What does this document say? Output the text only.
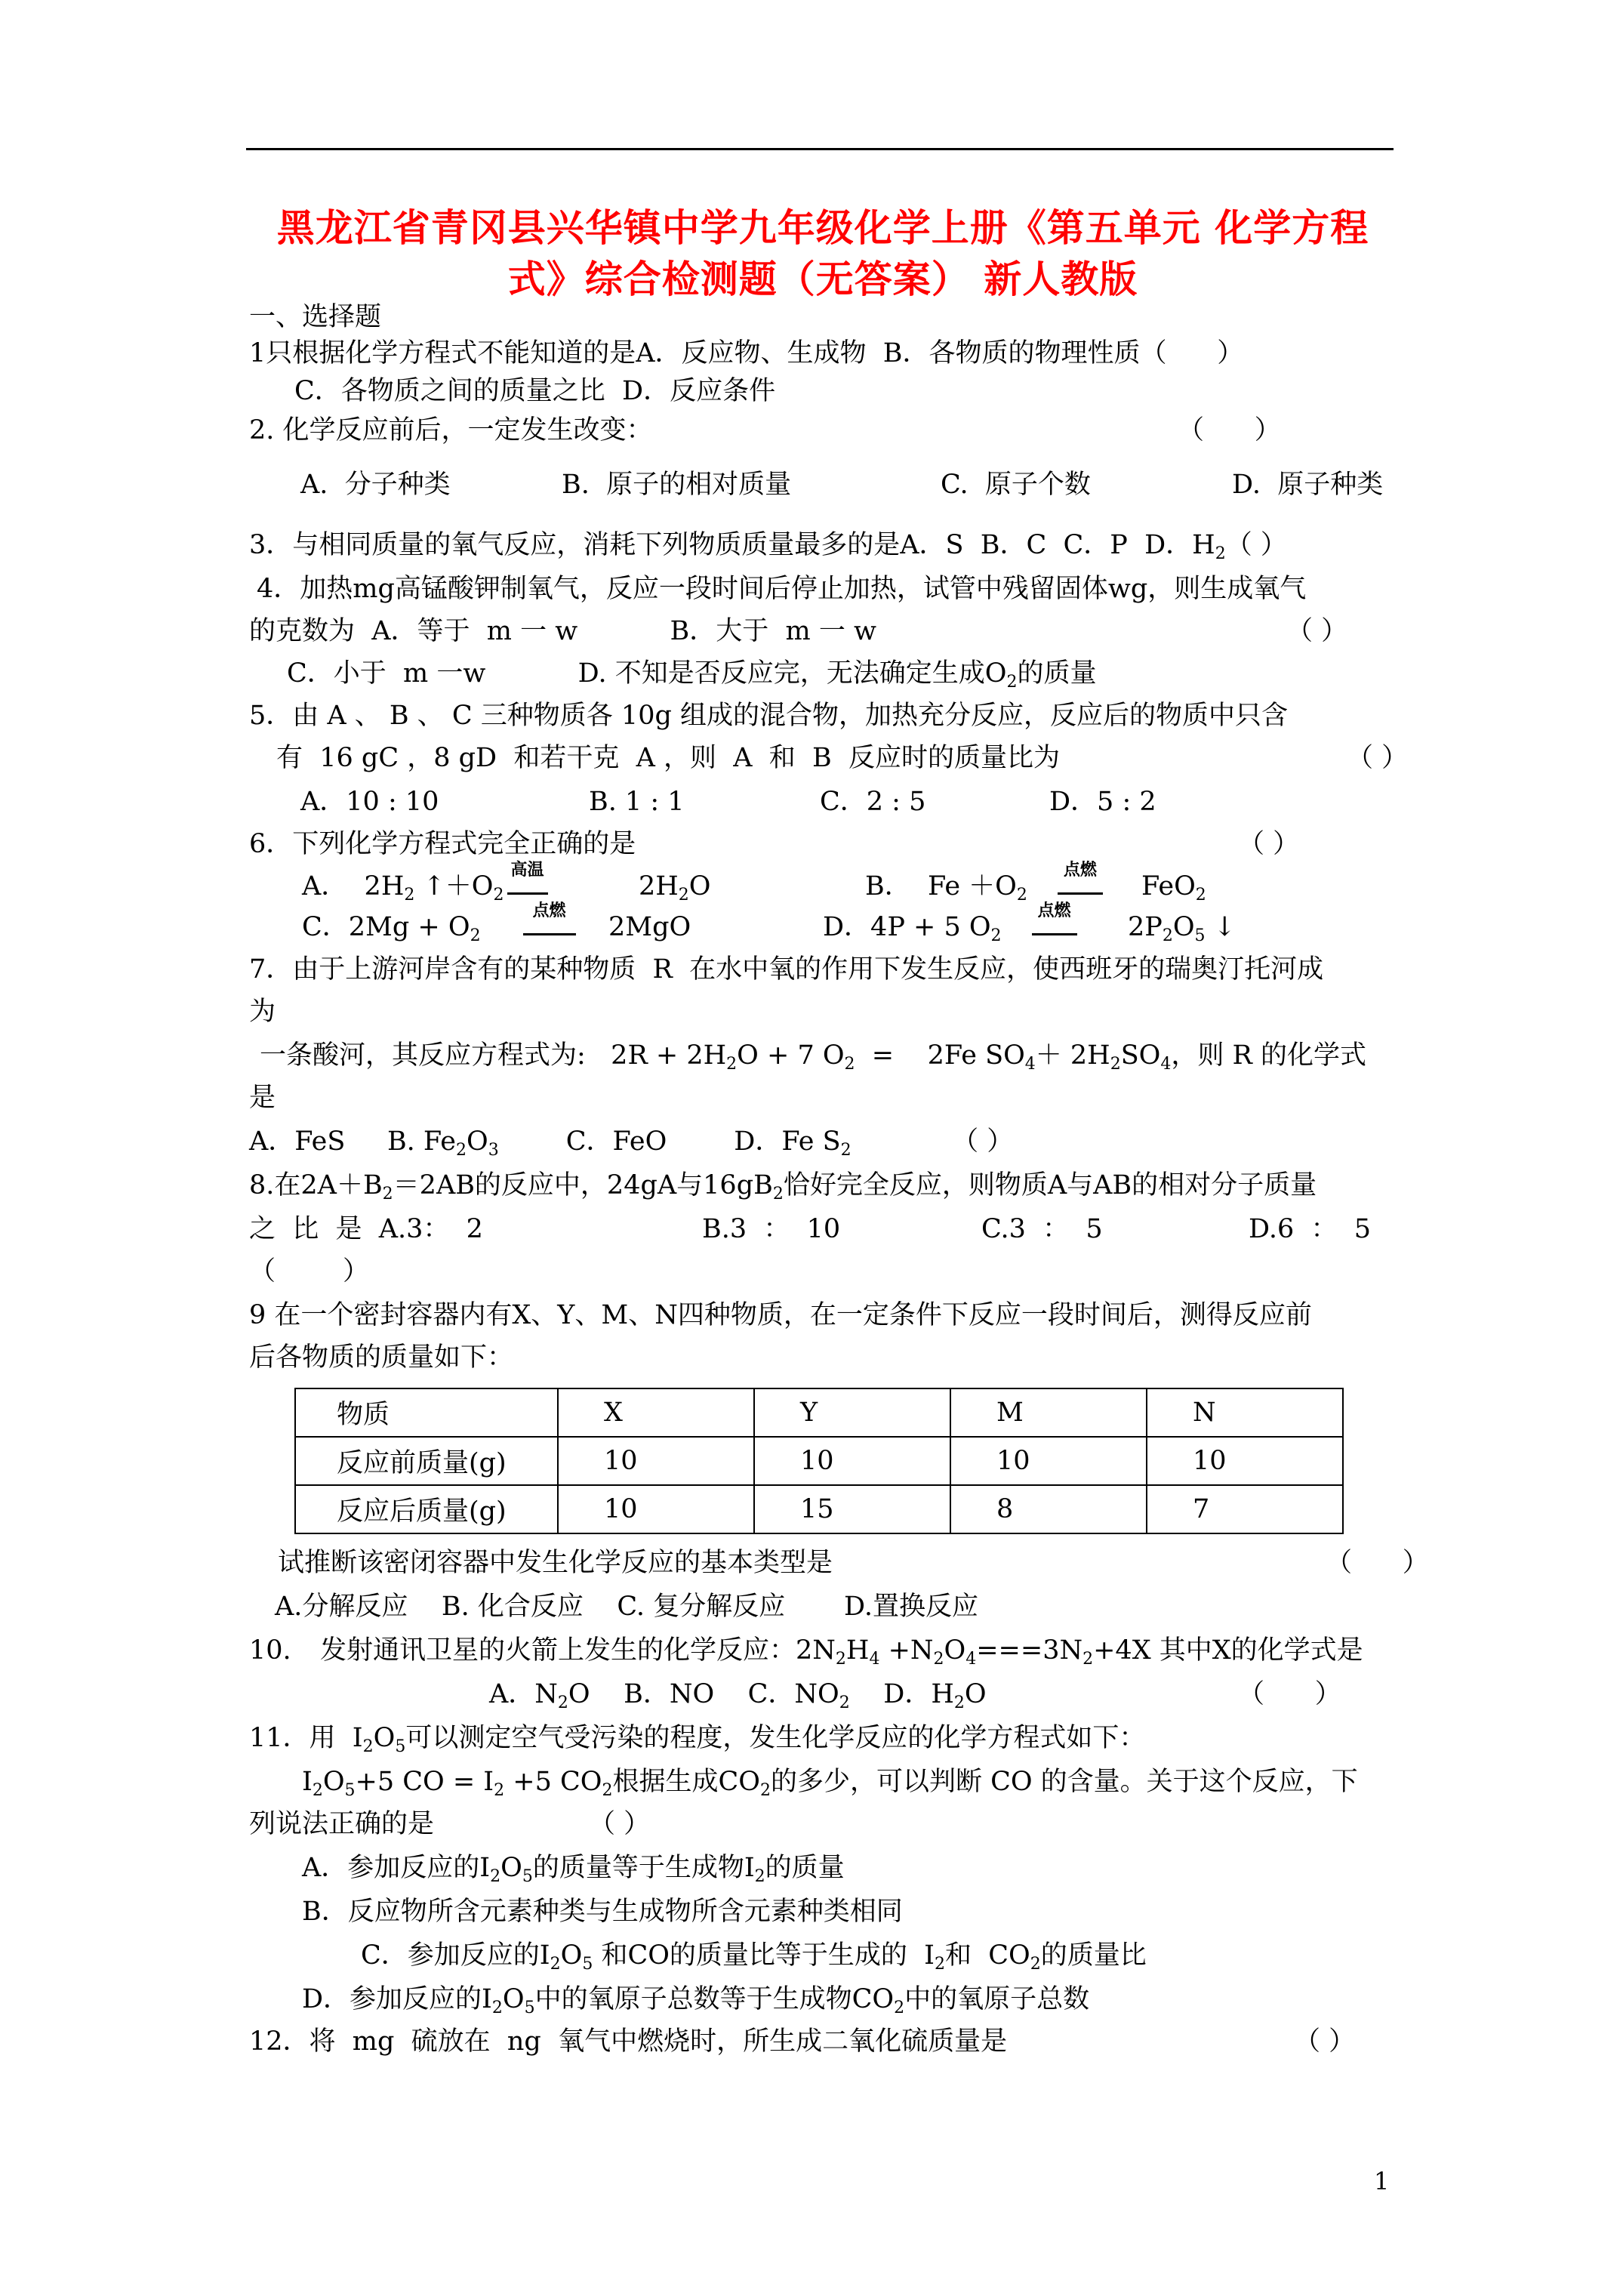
黑龙江省青冈县兴华镇中学九年级化学上册《第五单元 化学方程
式》综合检测题（无答案） 新人教版
一、选择题
1只根据化学方程式不能知道的是A．反应物、生成物  B．各物质的物理性质（      ）
C．各物质之间的质量之比  D．反应条件
2. 化学反应前后，一定发生改变：	（      ）
A.  分子种类	B.  原子的相对质量	C.  原子个数	D.  原子种类
3．与相同质量的氧气反应，消耗下列物质质量最多的是A．S  B．C  C．P  D．$H_2$（ ）
4．加热mg高锰酸钾制氧气，反应一段时间后停止加热，试管中残留固体wg，则生成氧气
的克数为  A．等于  m 一 w           B．大于  m 一 w	（ ）
C．小于  m 一w           D. 不知是否反应完，无法确定生成$O_2$的质量
5．由 A 、 B 、 C 三种物质各 10g 组成的混合物，加热充分反应，反应后的物质中只含
有  16 gC ，8 gD  和若干克  A ，则  A  和  B  反应时的质量比为	（ ）
A．10 : 10	B. 1 : 1	C．2 : 5	D．5 : 2
6．下列化学方程式完全正确的是	（ ）
A． $2H_2$ $↑+O_2$
高温
$2H_2O$	B．  $Fe +O_2$
点燃
FeO$_2$
C．$2Mg + O_2$
点燃
2MgO	D．4P + 5 $O_2$
点燃
$2P_2O_5$ ↓
7．由于上游河岸含有的某种物质  R  在水中氧的作用下发生反应，使西班牙的瑞奥汀托河成
为
一条酸河，其反应方程式为:   $2R + 2H_2O + 7$ $O_2$  =    2Fe $SO_4+ 2H_2SO_4$，则 R 的化学式
是
A．FeS     B. $Fe_2O_3$        C．FeO        D．Fe $S_2$            （ ）
8.在$2A+B_2=2AB$的反应中，24gA与$16gB_2$恰好完全反应，则物质A与AB的相对分子质量
之  比  是  A.3：  2	B.3  ：  10	C.3  ：  5	D.6  ：  5
（        ）
9 在一个密封容器内有X、Y、M、N四种物质，在一定条件下反应一段时间后，测得反应前
后各物质的质量如下：
物质	X	Y	M	N
反应前质量(g)	10	10	10	10
反应后质量(g)	10	15	8	7
试推断该密闭容器中发生化学反应的基本类型是	（      ）
A.分解反应    B. 化合反应    C. 复分解反应       D.置换反应
10. 发射通讯卫星的火箭上发生的化学反应：$2N_2H_4 +N_2O_4===3N_2+4X$ 其中X的化学式是
A．$N_2O$    B．NO    C．$NO_2$    D．$H_2O$	（      ）
11．用  $I_2O_5$可以测定空气受污染的程度，发生化学反应的化学方程式如下：
$I_2O_5+5$ CO = $I_2 +5$ $CO_2$根据生成$CO_2$的多少，可以判断 CO 的含量。关于这个反应，下
列说法正确的是	（ ）
A．参加反应的$I_2O_5$的质量等于生成物$I_2$的质量
B．反应物所含元素种类与生成物所含元素种类相同
C．参加反应的$I_2O_5$ 和CO的质量比等于生成的  $I_2$和  $CO_2$的质量比
D．参加反应的$I_2O_5$中的氧原子总数等于生成物$CO_2$中的氧原子总数
12．将  mg  硫放在  ng  氧气中燃烧时，所生成二氧化硫质量是	（ ）
1
